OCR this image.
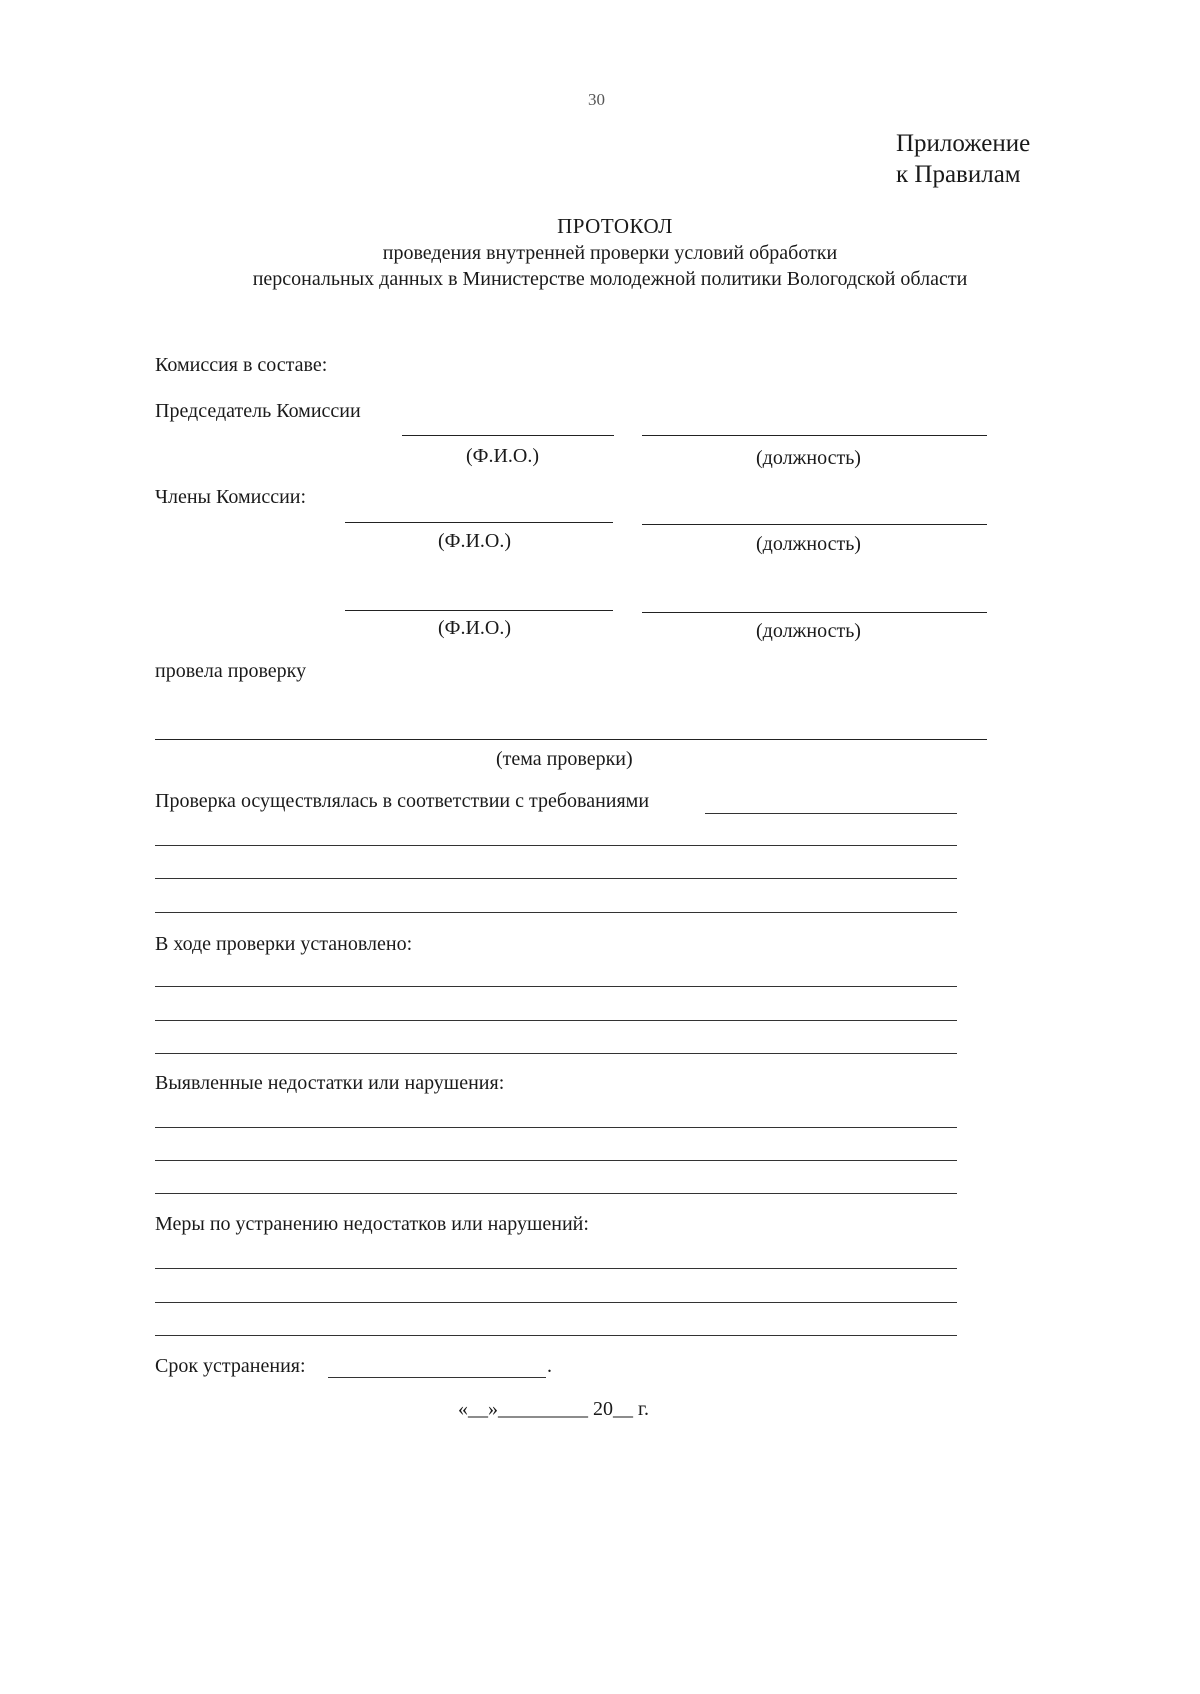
30
Приложение
к Правилам
ПРОТОКОЛ
проведения внутренней проверки условий обработки
персональных данных в Министерстве молодежной политики Вологодской области
Комиссия в составе:
Председатель Комиссии
(Ф.И.О.)	(должность)
Члены Комиссии:
(Ф.И.О.)	(должность)
(Ф.И.О.)	(должность)
провела проверку
(тема проверки)
Проверка осуществлялась в соответствии с требованиями
В ходе проверки установлено:
Выявленные недостатки или нарушения:
Меры по устранению недостатков или нарушений:
Срок устранения:	.
«__»_________ 20__ г.
